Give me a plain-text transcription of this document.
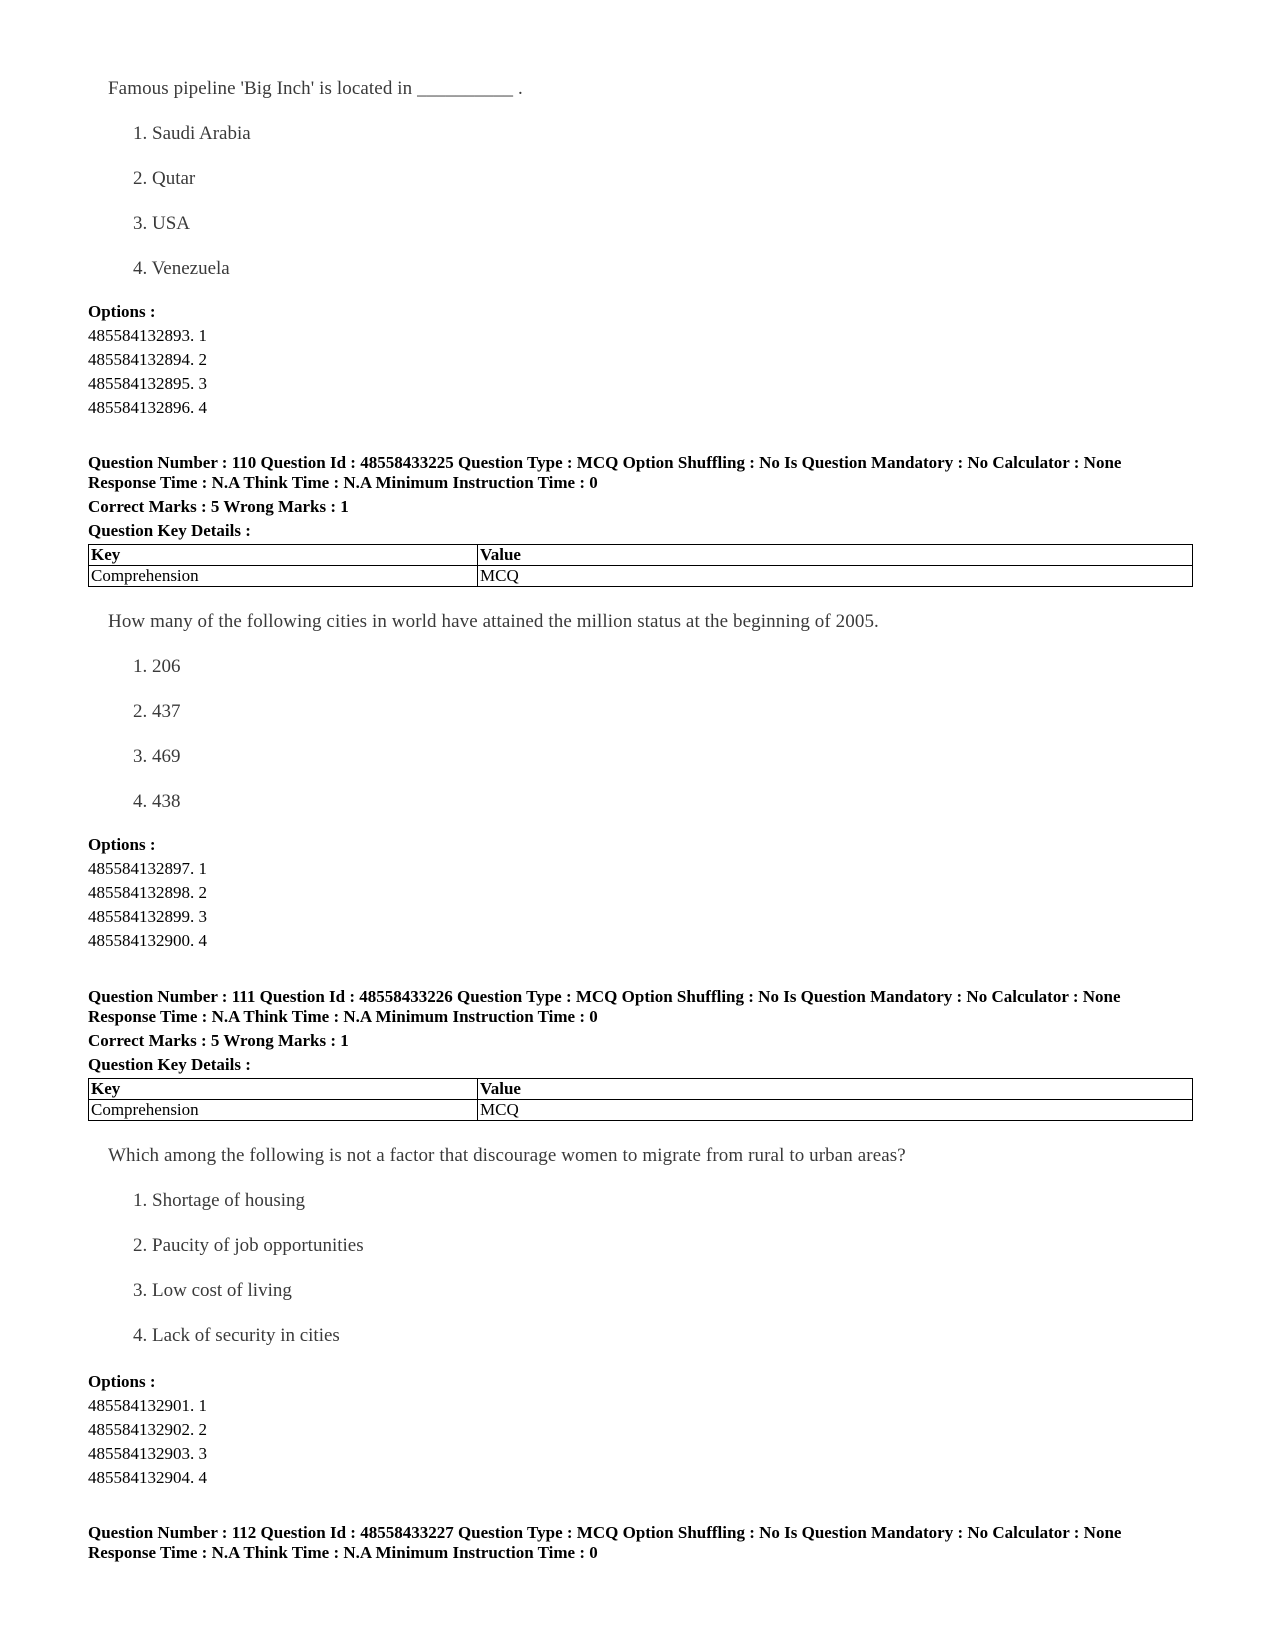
Famous pipeline 'Big Inch' is located in __________ .
1. Saudi Arabia
2. Qutar
3. USA
4. Venezuela
Options :
485584132893. 1
485584132894. 2
485584132895. 3
485584132896. 4
Question Number : 110 Question Id : 48558433225 Question Type : MCQ Option Shuffling : No Is Question Mandatory : No Calculator : None
Response Time : N.A Think Time : N.A Minimum Instruction Time : 0
Correct Marks : 5 Wrong Marks : 1
Question Key Details :
Key	Value
Comprehension	MCQ
How many of the following cities in world have attained the million status at the beginning of 2005.
1. 206
2. 437
3. 469
4. 438
Options :
485584132897. 1
485584132898. 2
485584132899. 3
485584132900. 4
Question Number : 111 Question Id : 48558433226 Question Type : MCQ Option Shuffling : No Is Question Mandatory : No Calculator : None
Response Time : N.A Think Time : N.A Minimum Instruction Time : 0
Correct Marks : 5 Wrong Marks : 1
Question Key Details :
Key	Value
Comprehension	MCQ
Which among the following is not a factor that discourage women to migrate from rural to urban areas?
1. Shortage of housing
2. Paucity of job opportunities
3. Low cost of living
4. Lack of security in cities
Options :
485584132901. 1
485584132902. 2
485584132903. 3
485584132904. 4
Question Number : 112 Question Id : 48558433227 Question Type : MCQ Option Shuffling : No Is Question Mandatory : No Calculator : None
Response Time : N.A Think Time : N.A Minimum Instruction Time : 0
